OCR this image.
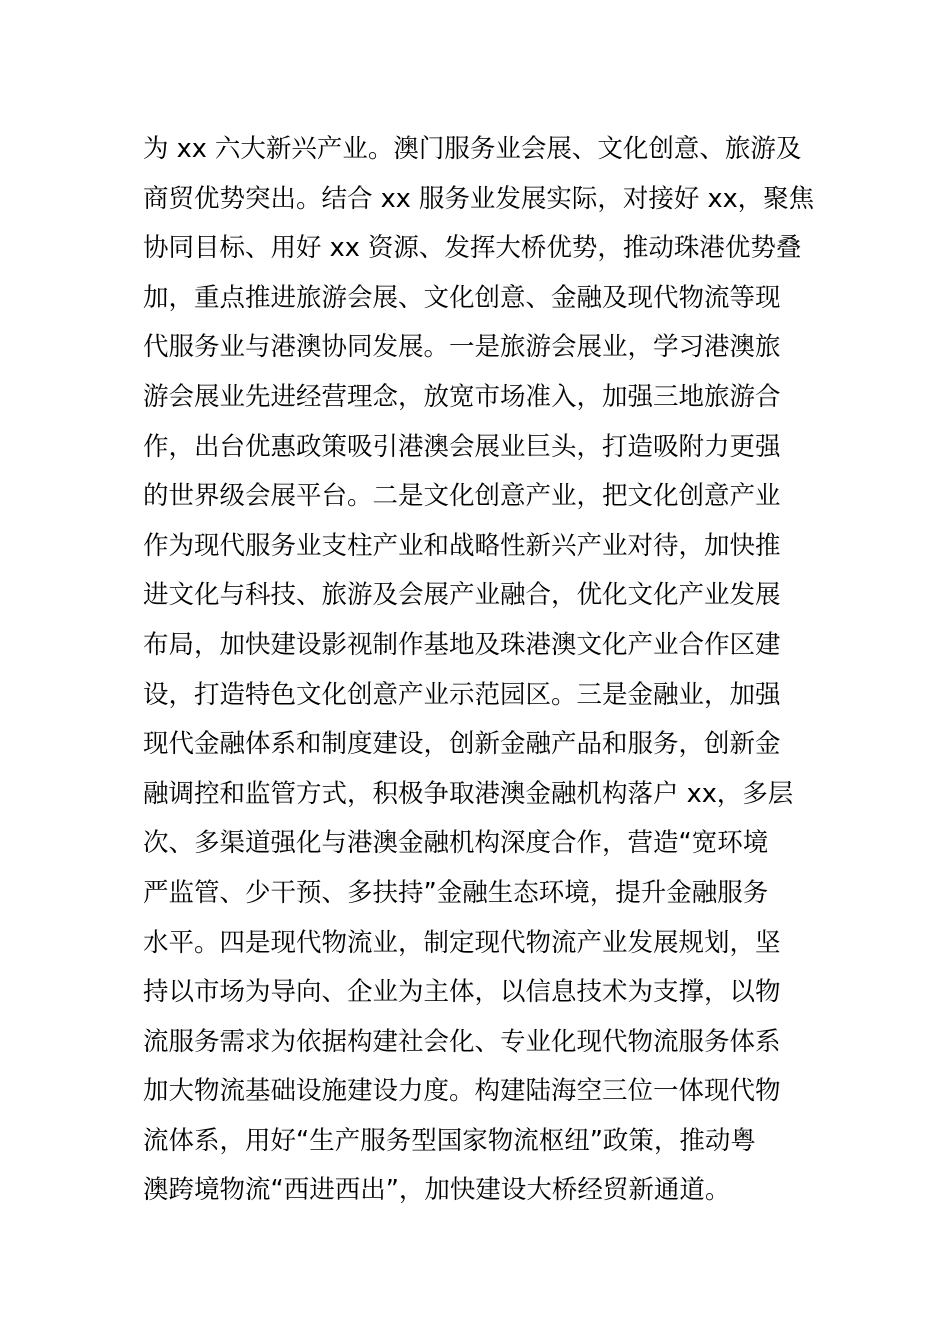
为 xx 六大新兴产业。澳门服务业会展、文化创意、旅游及
商贸优势突出。结合 xx 服务业发展实际，对接好 xx，聚焦
协同目标、用好 xx 资源、发挥大桥优势，推动珠港优势叠
加，重点推进旅游会展、文化创意、金融及现代物流等现
代服务业与港澳协同发展。一是旅游会展业，学习港澳旅
游会展业先进经营理念，放宽市场准入，加强三地旅游合
作，出台优惠政策吸引港澳会展业巨头，打造吸附力更强
的世界级会展平台。二是文化创意产业，把文化创意产业
作为现代服务业支柱产业和战略性新兴产业对待，加快推
进文化与科技、旅游及会展产业融合，优化文化产业发展
布局，加快建设影视制作基地及珠港澳文化产业合作区建
设，打造特色文化创意产业示范园区。三是金融业，加强
现代金融体系和制度建设，创新金融产品和服务，创新金
融调控和监管方式，积极争取港澳金融机构落户 xx，多层
次、多渠道强化与港澳金融机构深度合作，营造“宽环境
严监管、少干预、多扶持”金融生态环境，提升金融服务
水平。四是现代物流业，制定现代物流产业发展规划，坚
持以市场为导向、企业为主体，以信息技术为支撑，以物
流服务需求为依据构建社会化、专业化现代物流服务体系
加大物流基础设施建设力度。构建陆海空三位一体现代物
流体系，用好“生产服务型国家物流枢纽”政策，推动粤
澳跨境物流“西进西出”，加快建设大桥经贸新通道。
